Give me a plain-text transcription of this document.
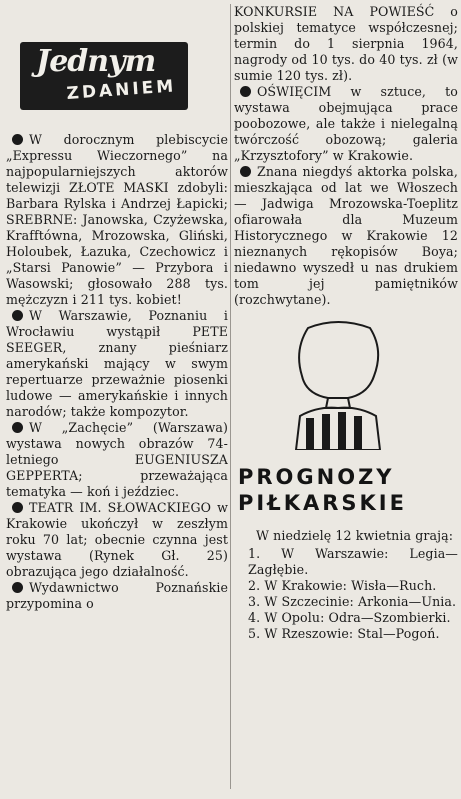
Jednym
ZDANIEM

W dorocznym plebiscycie „Expressu Wieczornego” na najpopularniejszych aktorów telewizji ZŁOTE MASKI zdobyli: Barbara Rylska i Andrzej Łapicki; SREBRNE: Janowska, Czyżewska, Krafftówna, Mrozowska, Gliński, Holoubek, Łazuka, Czechowicz i „Starsi Panowie” — Przybora i Wasowski; głosowało 288 tys. mężczyzn i 211 tys. kobiet!

W Warszawie, Poznaniu i Wrocławiu wystąpił PETE SEEGER, znany pieśniarz amerykański mający w swym repertuarze przeważnie piosenki ludowe — amerykańskie i innych narodów; także kompozytor.

W „Zachęcie” (Warszawa) wystawa nowych obrazów 74-letniego EUGENIUSZA GEPPERTA; przeważająca tematyka — koń i jeździec.

TEATR IM. SŁOWACKIEGO w Krakowie ukończył w zeszłym roku 70 lat; obecnie czynna jest wystawa (Rynek Gł. 25) obrazująca jego działalność.

Wydawnictwo Poznańskie przypomina o

KONKURSIE NA POWIEŚĆ o polskiej tematyce współczesnej; termin do 1 sierpnia 1964, nagrody od 10 tys. do 40 tys. zł (w sumie 120 tys. zł).

OŚWIĘCIM w sztuce, to wystawa obejmująca prace poobozowe, ale także i nielegalną twórczość obozową; galeria „Krzysztofory” w Krakowie.

Znana niegdyś aktorka polska, mieszkająca od lat we Włoszech — Jadwiga Mrozowska-Toeplitz ofiarowała dla Muzeum Historycznego w Krakowie 12 nieznanych rękopisów Boya; niedawno wyszedł u nas drukiem tom jej pamiętników (rozchwytane).

PROGNOZY
PIŁKARSKIE

W niedzielę 12 kwietnia grają:

1. W Warszawie: Legia—Zagłębie.

2. W Krakowie: Wisła—Ruch.

3. W Szczecinie: Arkonia—Unia.

4. W Opolu: Odra—Szombierki.

5. W Rzeszowie: Stal—Pogoń.
